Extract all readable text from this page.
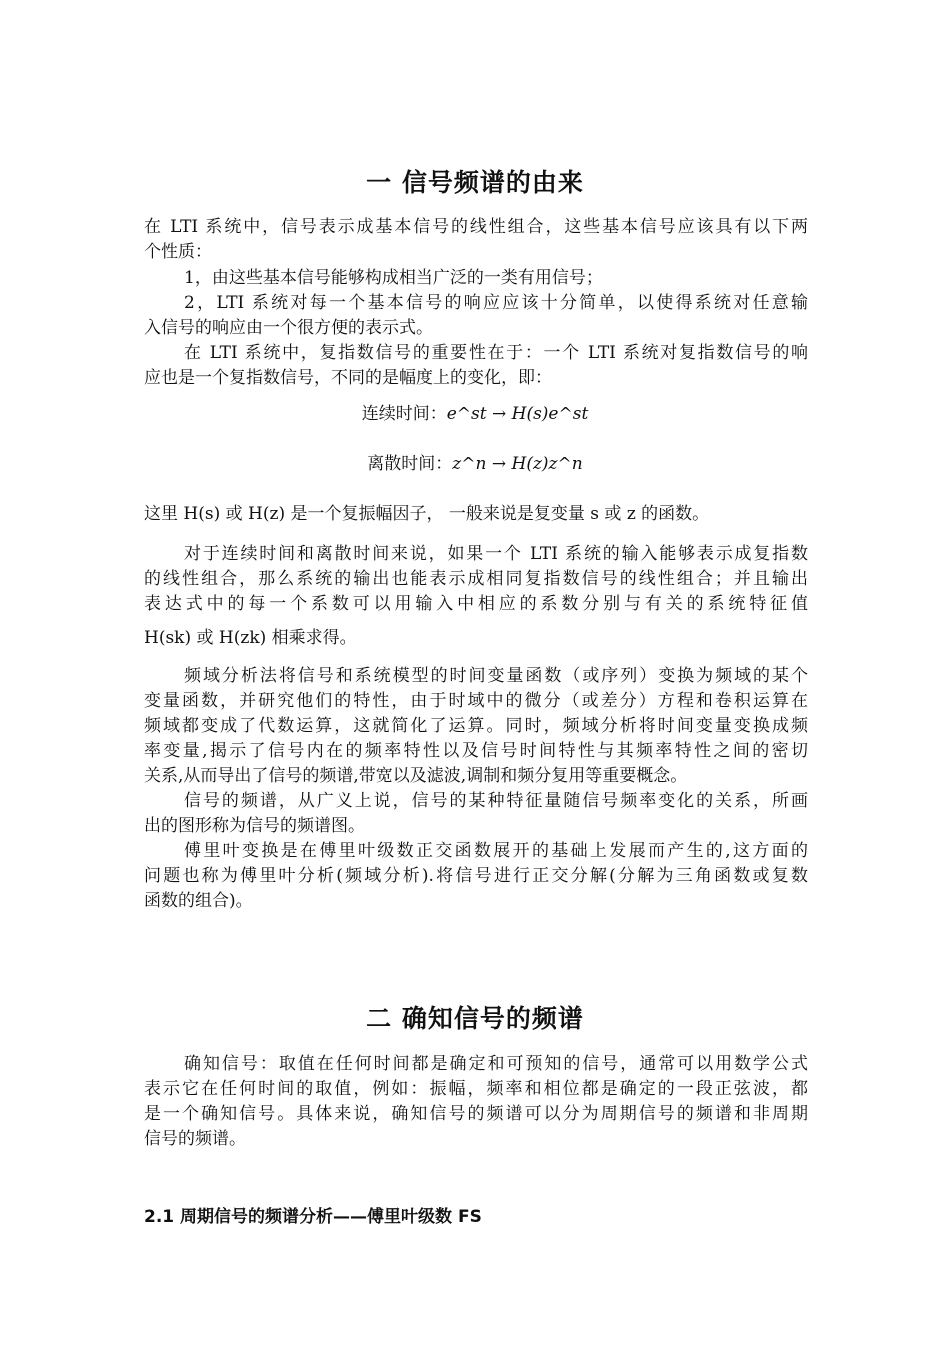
一 信号频谱的由来
在 LTI 系统中，信号表示成基本信号的线性组合，这些基本信号应该具有以下两
个性质：
1，由这些基本信号能够构成相当广泛的一类有用信号；
2，LTI 系统对每一个基本信号的响应应该十分简单，以使得系统对任意输
入信号的响应由一个很方便的表示式。
在 LTI 系统中，复指数信号的重要性在于：一个 LTI 系统对复指数信号的响
应也是一个复指数信号，不同的是幅度上的变化，即：
连续时间：e^st → H(s)e^st
离散时间：z^n → H(z)z^n
这里 H(s) 或 H(z) 是一个复振幅因子， 一般来说是复变量 s 或 z 的函数。
对于连续时间和离散时间来说，如果一个 LTI 系统的输入能够表示成复指数
的线性组合，那么系统的输出也能表示成相同复指数信号的线性组合；并且输出
表达式中的每一个系数可以用输入中相应的系数分别与有关的系统特征值
H(sk) 或 H(zk) 相乘求得。
频域分析法将信号和系统模型的时间变量函数（或序列）变换为频域的某个
变量函数，并研究他们的特性，由于时域中的微分（或差分）方程和卷积运算在
频域都变成了代数运算，这就简化了运算。同时，频域分析将时间变量变换成频
率变量,揭示了信号内在的频率特性以及信号时间特性与其频率特性之间的密切
关系,从而导出了信号的频谱,带宽以及滤波,调制和频分复用等重要概念。
信号的频谱，从广义上说，信号的某种特征量随信号频率变化的关系，所画
出的图形称为信号的频谱图。
傅里叶变换是在傅里叶级数正交函数展开的基础上发展而产生的,这方面的
问题也称为傅里叶分析(频域分析).将信号进行正交分解(分解为三角函数或复数
函数的组合)。
二 确知信号的频谱
确知信号：取值在任何时间都是确定和可预知的信号，通常可以用数学公式
表示它在任何时间的取值，例如：振幅，频率和相位都是确定的一段正弦波，都
是一个确知信号。具体来说，确知信号的频谱可以分为周期信号的频谱和非周期
信号的频谱。
2.1 周期信号的频谱分析——傅里叶级数 FS
